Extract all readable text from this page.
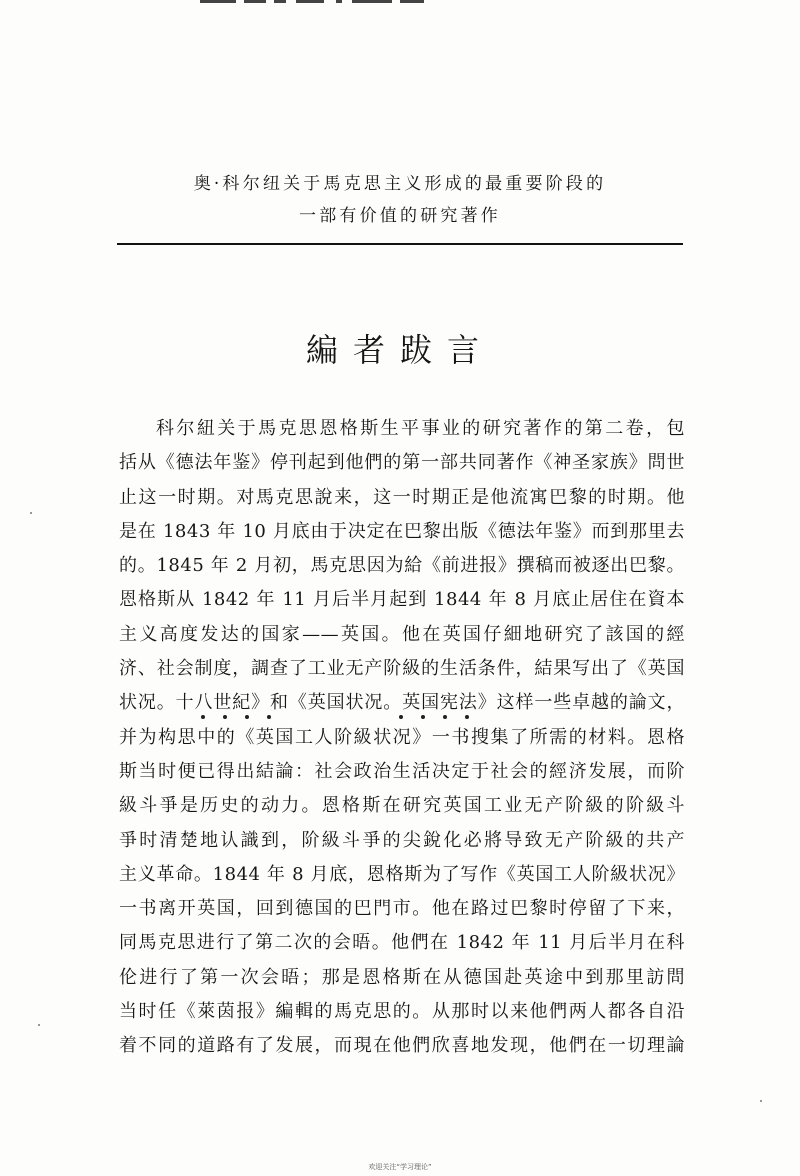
奥·科尔纽关于馬克思主义形成的最重要阶段的
一部有价值的研究著作
編者跋言
科尔紐关于馬克思恩格斯生平事业的研究著作的第二卷，包
括从《德法年鉴》停刊起到他們的第一部共同著作《神圣家族》問世
止这一时期。对馬克思說来，这一时期正是他流寓巴黎的时期。他
是在 1843 年 10 月底由于决定在巴黎出版《德法年鉴》而到那里去
的。1845 年 2 月初，馬克思因为給《前进报》撰稿而被逐出巴黎。
恩格斯从 1842 年 11 月后半月起到 1844 年 8 月底止居住在資本
主义高度发达的国家——英国。他在英国仔細地研究了該国的經
济、社会制度，調查了工业无产阶級的生活条件，結果写出了《英国
状况。十八世紀》和《英国状况。英国宪法》这样一些卓越的論文，
并为构思中的《英国工人阶級状况》一书搜集了所需的材料。恩格
斯当时便已得出結論：社会政治生活决定于社会的經济发展，而阶
級斗爭是历史的动力。恩格斯在研究英国工业无产阶級的阶級斗
爭时清楚地认識到，阶級斗爭的尖銳化必將导致无产阶級的共产
主义革命。1844 年 8 月底，恩格斯为了写作《英国工人阶級状况》
一书离开英国，回到德国的巴門市。他在路过巴黎时停留了下来，
同馬克思进行了第二次的会晤。他們在 1842 年 11 月后半月在科
伦进行了第一次会晤；那是恩格斯在从德国赴英途中到那里訪問
当时任《萊茵报》編輯的馬克思的。从那时以来他們两人都各自沿
着不同的道路有了发展，而現在他們欣喜地发现，他們在一切理論
欢迎关注“学习理论”
